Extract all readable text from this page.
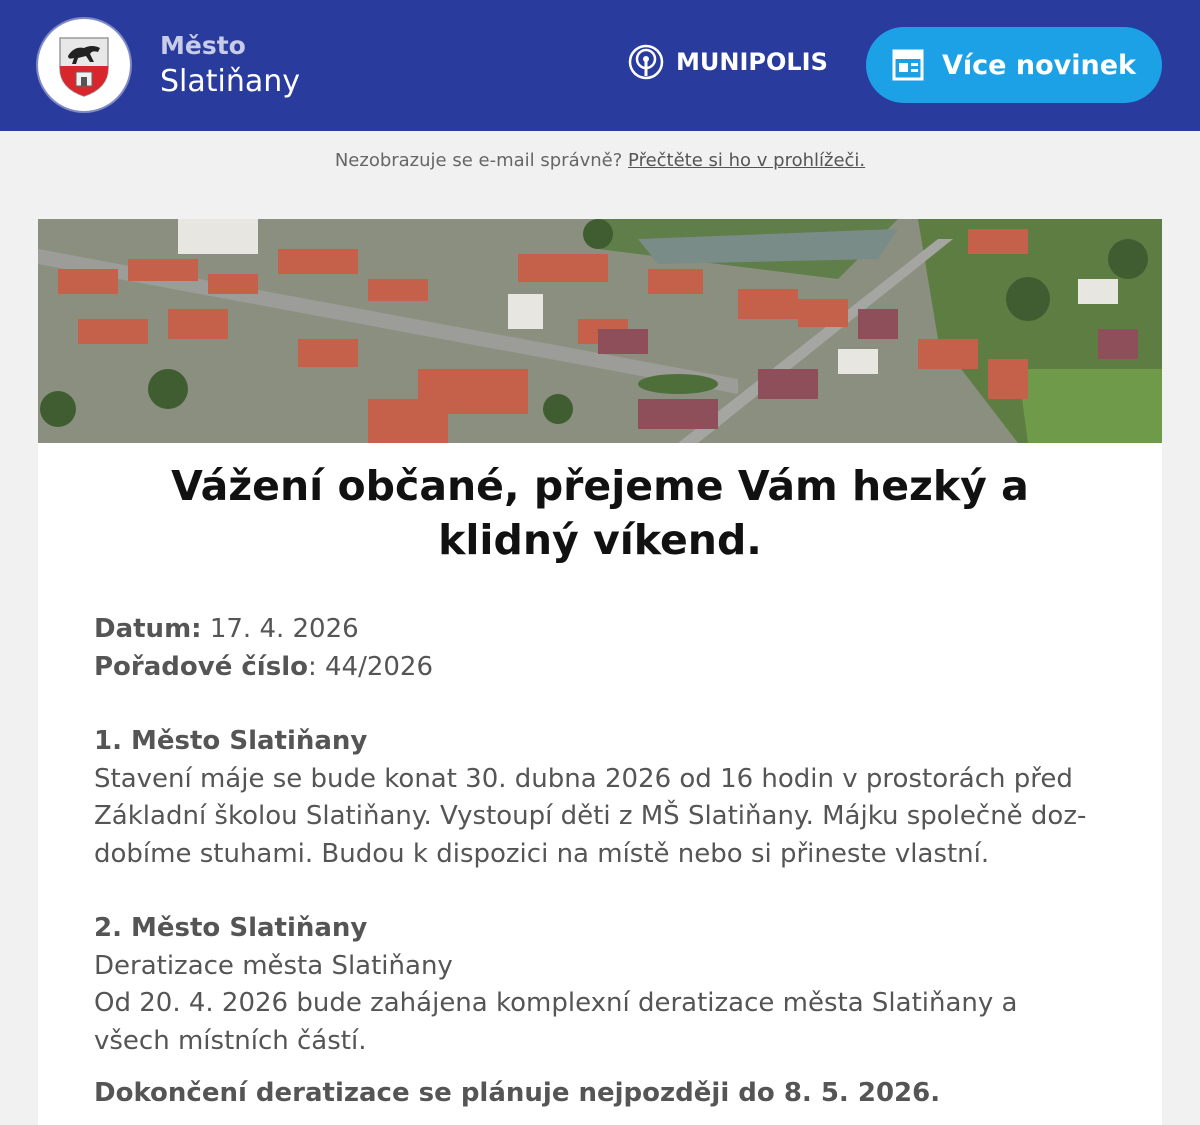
Město
Slatiňany
MUNIPOLIS	Více novinek
Nezobrazuje se e-mail správně? Přečtěte si ho v prohlížeči.
Vážení občané, přejeme Vám hezký a klidný víkend.
Datum: 17. 4. 2026
Pořadové číslo: 44/2026
1. Město Slatiňany
Stavení máje se bude konat 30. dubna 2026 od 16 hodin v prostorách před
Základní školou Slatiňany. Vystoupí děti z MŠ Slatiňany. Májku společně doz-
dobíme stuhami. Budou k dispozici na místě nebo si přineste vlastní.
2. Město Slatiňany
Deratizace města Slatiňany
Od 20. 4. 2026 bude zahájena komplexní deratizace města Slatiňany a
všech místních částí.
Dokončení deratizace se plánuje nejpozději do 8. 5. 2026.
